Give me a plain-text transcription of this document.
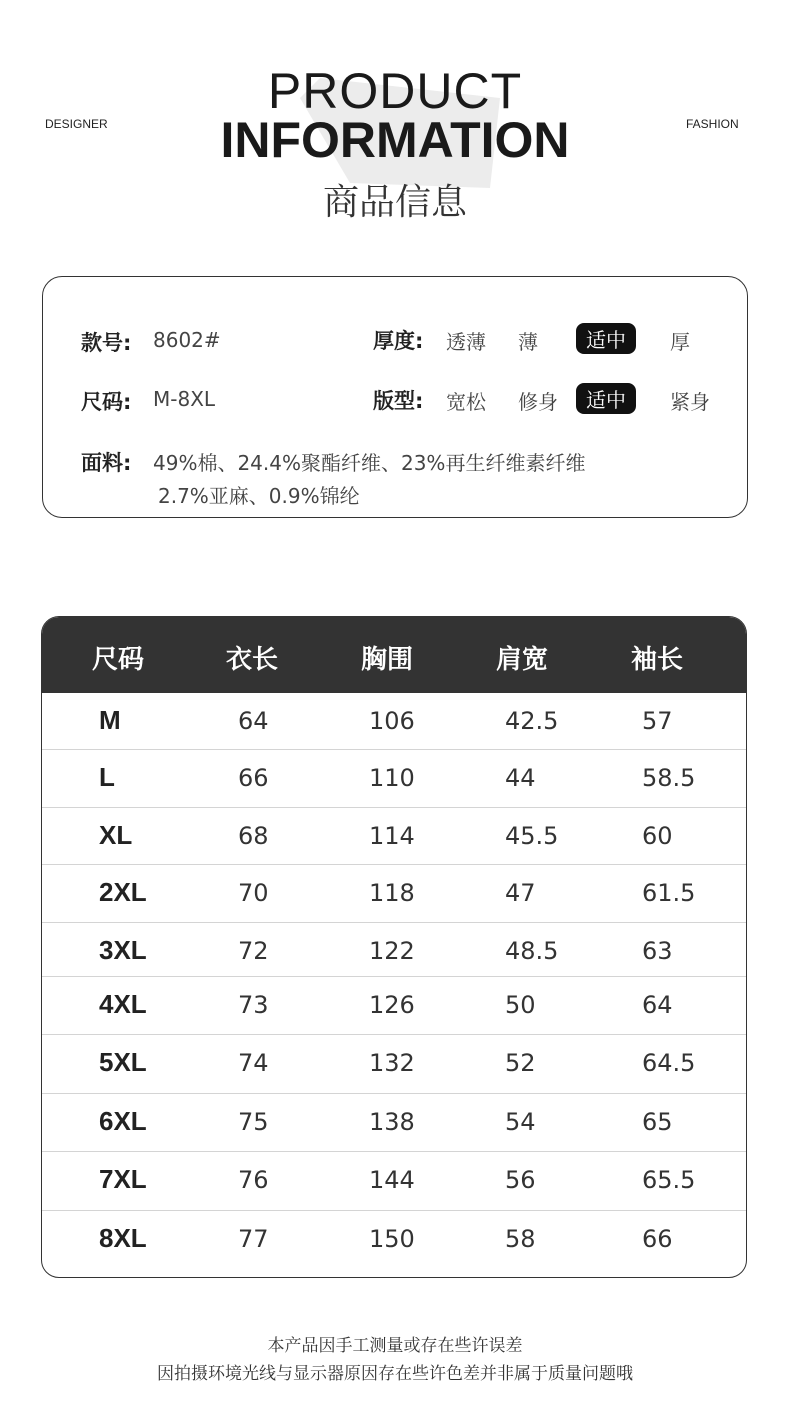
DESIGNER	FASHION
PRODUCT
INFORMATION
商品信息
款号: 8602#	厚度: 透薄 薄	适中	厚
尺码: M-8XL	版型: 宽松 修身	适中	紧身
面料: 49%棉、24.4%聚酯纤维、23%再生纤维素纤维
2.7%亚麻、0.9%锦纶
尺码	衣长	胸围	肩宽	袖长
M	64	106	42.5	57
L	66	110	44	58.5
XL	68	114	45.5	60
2XL	70	118	47	61.5
3XL	72	122	48.5	63
4XL	73	126	50	64
5XL	74	132	52	64.5
6XL	75	138	54	65
7XL	76	144	56	65.5
8XL	77	150	58	66
本产品因手工测量或存在些许误差
因拍摄环境光线与显示器原因存在些许色差并非属于质量问题哦
